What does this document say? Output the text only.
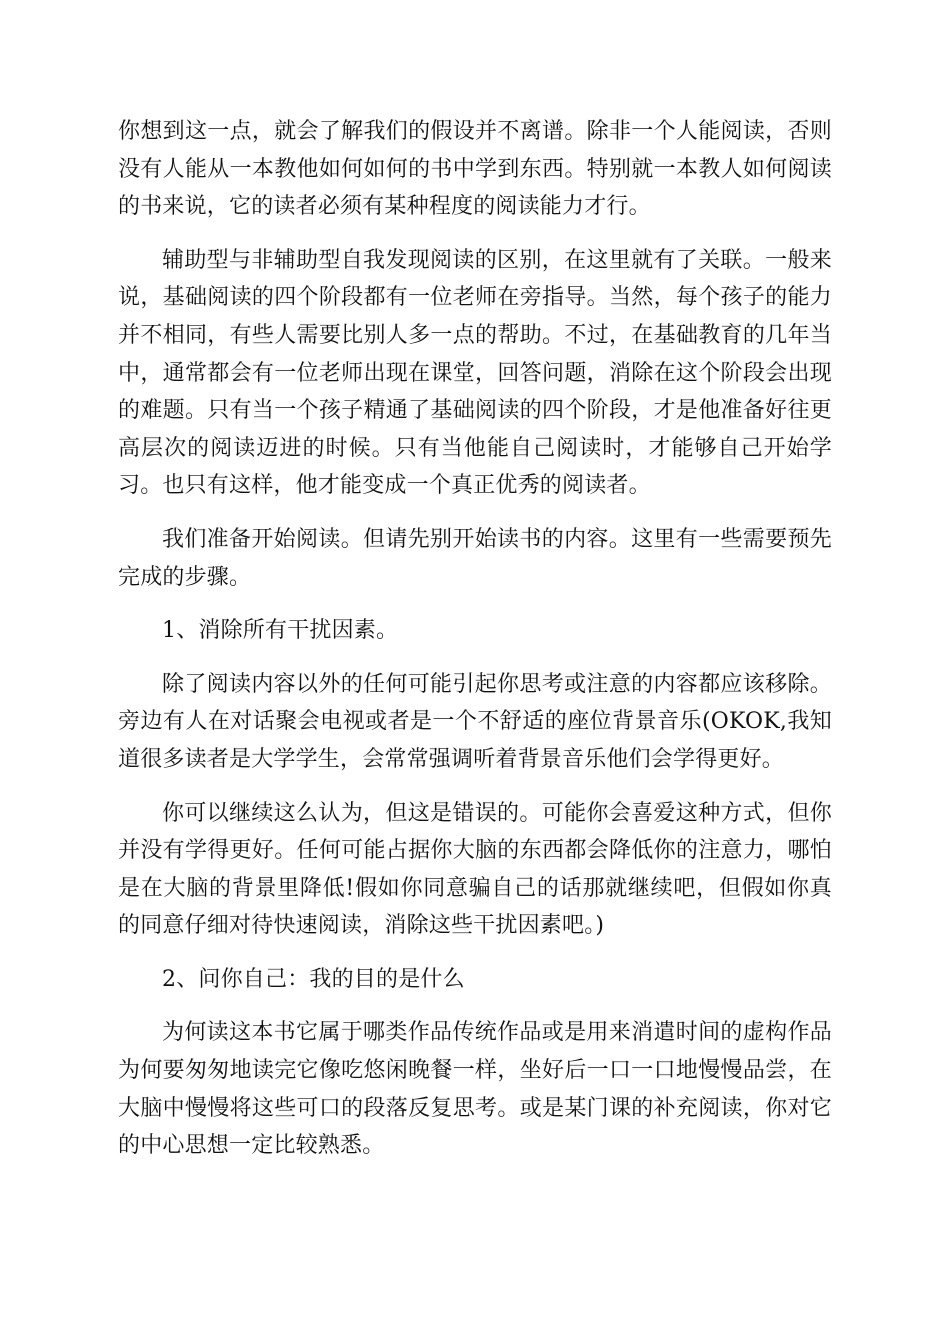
你想到这一点，就会了解我们的假设并不离谱。除非一个人能阅读，否则没有人能从一本教他如何如何的书中学到东西。特别就一本教人如何阅读的书来说，它的读者必须有某种程度的阅读能力才行。

辅助型与非辅助型自我发现阅读的区别，在这里就有了关联。一般来说，基础阅读的四个阶段都有一位老师在旁指导。当然，每个孩子的能力并不相同，有些人需要比别人多一点的帮助。不过，在基础教育的几年当中，通常都会有一位老师出现在课堂，回答问题，消除在这个阶段会出现的难题。只有当一个孩子精通了基础阅读的四个阶段，才是他准备好往更高层次的阅读迈进的时候。只有当他能自己阅读时，才能够自己开始学习。也只有这样，他才能变成一个真正优秀的阅读者。

我们准备开始阅读。但请先别开始读书的内容。这里有一些需要预先完成的步骤。

1、消除所有干扰因素。

除了阅读内容以外的任何可能引起你思考或注意的内容都应该移除。旁边有人在对话聚会电视或者是一个不舒适的座位背景音乐(OKOK,我知道很多读者是大学学生，会常常强调听着背景音乐他们会学得更好。

你可以继续这么认为，但这是错误的。可能你会喜爱这种方式，但你并没有学得更好。任何可能占据你大脑的东西都会降低你的注意力，哪怕是在大脑的背景里降低!假如你同意骗自己的话那就继续吧，但假如你真的同意仔细对待快速阅读，消除这些干扰因素吧。)

2、问你自己：我的目的是什么

为何读这本书它属于哪类作品传统作品或是用来消遣时间的虚构作品为何要匆匆地读完它像吃悠闲晚餐一样，坐好后一口一口地慢慢品尝，在大脑中慢慢将这些可口的段落反复思考。或是某门课的补充阅读，你对它的中心思想一定比较熟悉。
